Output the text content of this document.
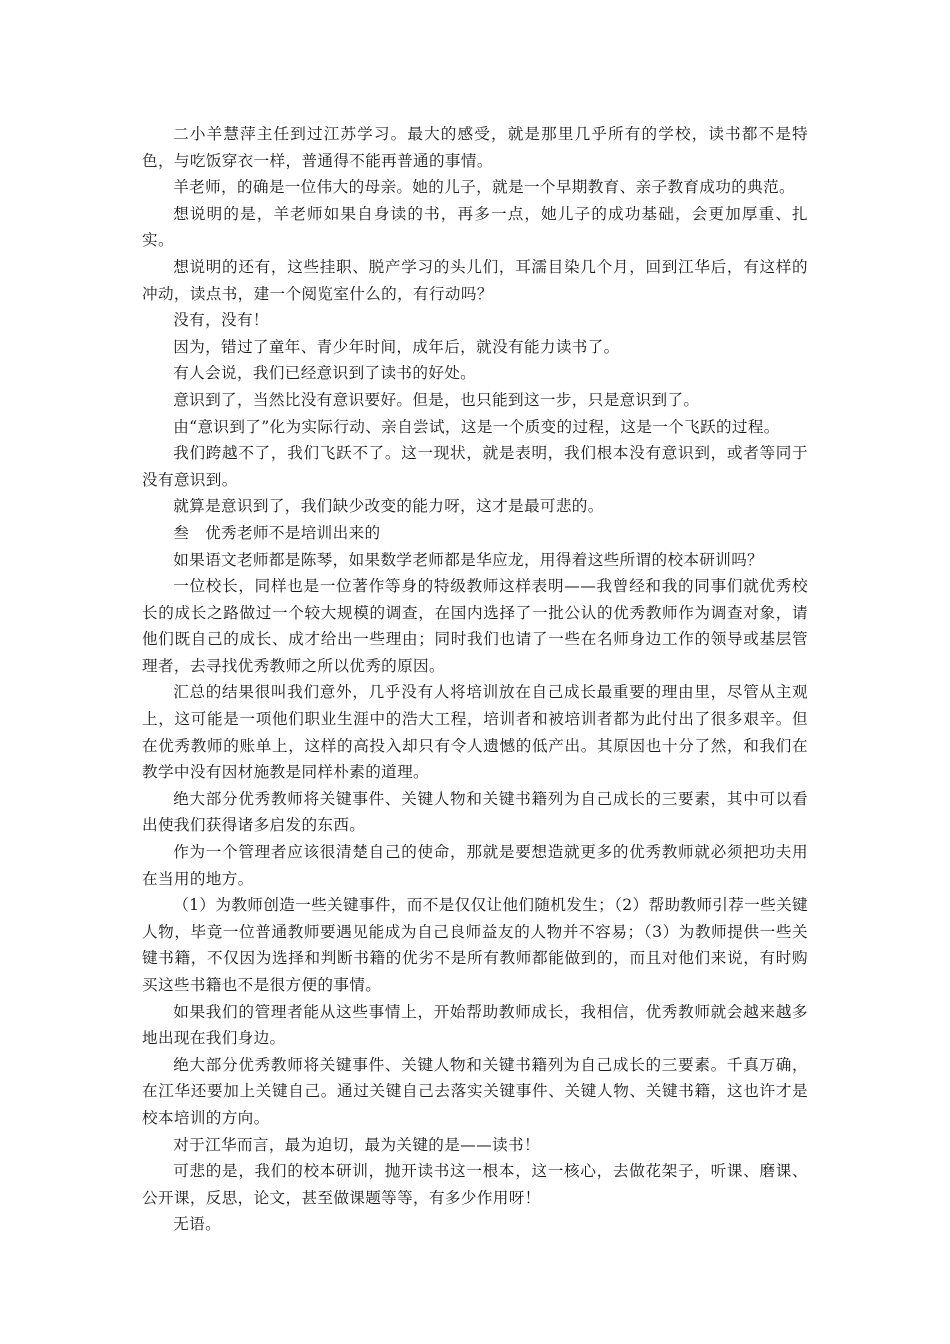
二小羊慧萍主任到过江苏学习。最大的感受，就是那里几乎所有的学校，读书都不是特色，与吃饭穿衣一样，普通得不能再普通的事情。

羊老师，的确是一位伟大的母亲。她的儿子，就是一个早期教育、亲子教育成功的典范。

想说明的是，羊老师如果自身读的书，再多一点，她儿子的成功基础，会更加厚重、扎实。

想说明的还有，这些挂职、脱产学习的头儿们，耳濡目染几个月，回到江华后，有这样的冲动，读点书，建一个阅览室什么的，有行动吗？

没有，没有！

因为，错过了童年、青少年时间，成年后，就没有能力读书了。

有人会说，我们已经意识到了读书的好处。

意识到了，当然比没有意识要好。但是，也只能到这一步，只是意识到了。

由“意识到了”化为实际行动、亲自尝试，这是一个质变的过程，这是一个飞跃的过程。

我们跨越不了，我们飞跃不了。这一现状，就是表明，我们根本没有意识到，或者等同于没有意识到。

就算是意识到了，我们缺少改变的能力呀，这才是最可悲的。

叁　优秀老师不是培训出来的

如果语文老师都是陈琴，如果数学老师都是华应龙，用得着这些所谓的校本研训吗？

一位校长，同样也是一位著作等身的特级教师这样表明——我曾经和我的同事们就优秀校长的成长之路做过一个较大规模的调查，在国内选择了一批公认的优秀教师作为调查对象，请他们既自己的成长、成才给出一些理由；同时我们也请了一些在名师身边工作的领导或基层管理者，去寻找优秀教师之所以优秀的原因。

汇总的结果很叫我们意外，几乎没有人将培训放在自己成长最重要的理由里，尽管从主观上，这可能是一项他们职业生涯中的浩大工程，培训者和被培训者都为此付出了很多艰辛。但在优秀教师的账单上，这样的高投入却只有令人遗憾的低产出。其原因也十分了然，和我们在教学中没有因材施教是同样朴素的道理。

绝大部分优秀教师将关键事件、关键人物和关键书籍列为自己成长的三要素，其中可以看出使我们获得诸多启发的东西。

作为一个管理者应该很清楚自己的使命，那就是要想造就更多的优秀教师就必须把功夫用在当用的地方。

（1）为教师创造一些关键事件，而不是仅仅让他们随机发生；（2）帮助教师引荐一些关键人物，毕竟一位普通教师要遇见能成为自己良师益友的人物并不容易；（3）为教师提供一些关键书籍，不仅因为选择和判断书籍的优劣不是所有教师都能做到的，而且对他们来说，有时购买这些书籍也不是很方便的事情。

如果我们的管理者能从这些事情上，开始帮助教师成长，我相信，优秀教师就会越来越多地出现在我们身边。

绝大部分优秀教师将关键事件、关键人物和关键书籍列为自己成长的三要素。千真万确，在江华还要加上关键自己。通过关键自己去落实关键事件、关键人物、关键书籍，这也许才是校本培训的方向。

对于江华而言，最为迫切，最为关键的是——读书！

可悲的是，我们的校本研训，抛开读书这一根本，这一核心，去做花架子，听课、磨课、公开课，反思，论文，甚至做课题等等，有多少作用呀！

无语。
